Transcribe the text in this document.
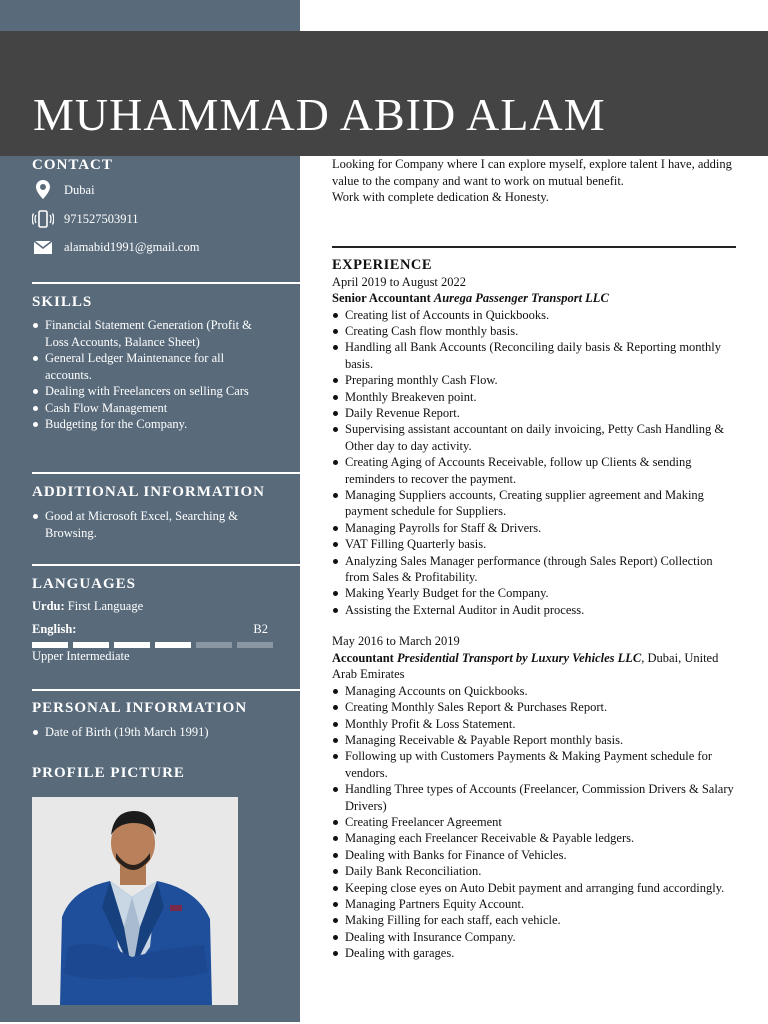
MUHAMMAD ABID ALAM
CONTACT
Dubai
971527503911
alamabid1991@gmail.com
SKILLS
Financial Statement Generation (Profit & Loss Accounts, Balance Sheet)
General Ledger Maintenance for all accounts.
Dealing with Freelancers on selling Cars
Cash Flow Management
Budgeting for the Company.
ADDITIONAL INFORMATION
Good at Microsoft Excel, Searching & Browsing.
LANGUAGES
Urdu: First Language
English:	B2
Upper Intermediate
PERSONAL INFORMATION
Date of Birth (19th March 1991)
PROFILE PICTURE

Looking for Company where I can explore myself, explore talent I have, adding value to the company and want to work on mutual benefit.

Work with complete dedication & Honesty.

EXPERIENCE

April 2019 to August 2022

Senior Accountant Aurega Passenger Transport LLC

Creating list of Accounts in Quickbooks.
Creating Cash flow monthly basis.
Handling all Bank Accounts (Reconciling daily basis & Reporting monthly basis.
Preparing monthly Cash Flow.
Monthly Breakeven point.
Daily Revenue Report.
Supervising assistant accountant on daily invoicing, Petty Cash Handling & Other day to day activity.
Creating Aging of Accounts Receivable, follow up Clients & sending reminders to recover the payment.
Managing Suppliers accounts, Creating supplier agreement and Making payment schedule for Suppliers.
Managing Payrolls for Staff & Drivers.
VAT Filling Quarterly basis.
Analyzing Sales Manager performance (through Sales Report) Collection from Sales & Profitability.
Making Yearly Budget for the Company.
Assisting the External Auditor in Audit process.

May 2016 to March 2019

Accountant Presidential Transport by Luxury Vehicles LLC, Dubai, United Arab Emirates

Managing Accounts on Quickbooks.
Creating Monthly Sales Report & Purchases Report.
Monthly Profit & Loss Statement.
Managing Receivable & Payable Report monthly basis.
Following up with Customers Payments & Making Payment schedule for vendors.
Handling Three types of Accounts (Freelancer, Commission Drivers & Salary Drivers)
Creating Freelancer Agreement
Managing each Freelancer Receivable & Payable ledgers.
Dealing with Banks for Finance of Vehicles.
Daily Bank Reconciliation.
Keeping close eyes on Auto Debit payment and arranging fund accordingly.
Managing Partners Equity Account.
Making Filling for each staff, each vehicle.
Dealing with Insurance Company.
Dealing with garages.
